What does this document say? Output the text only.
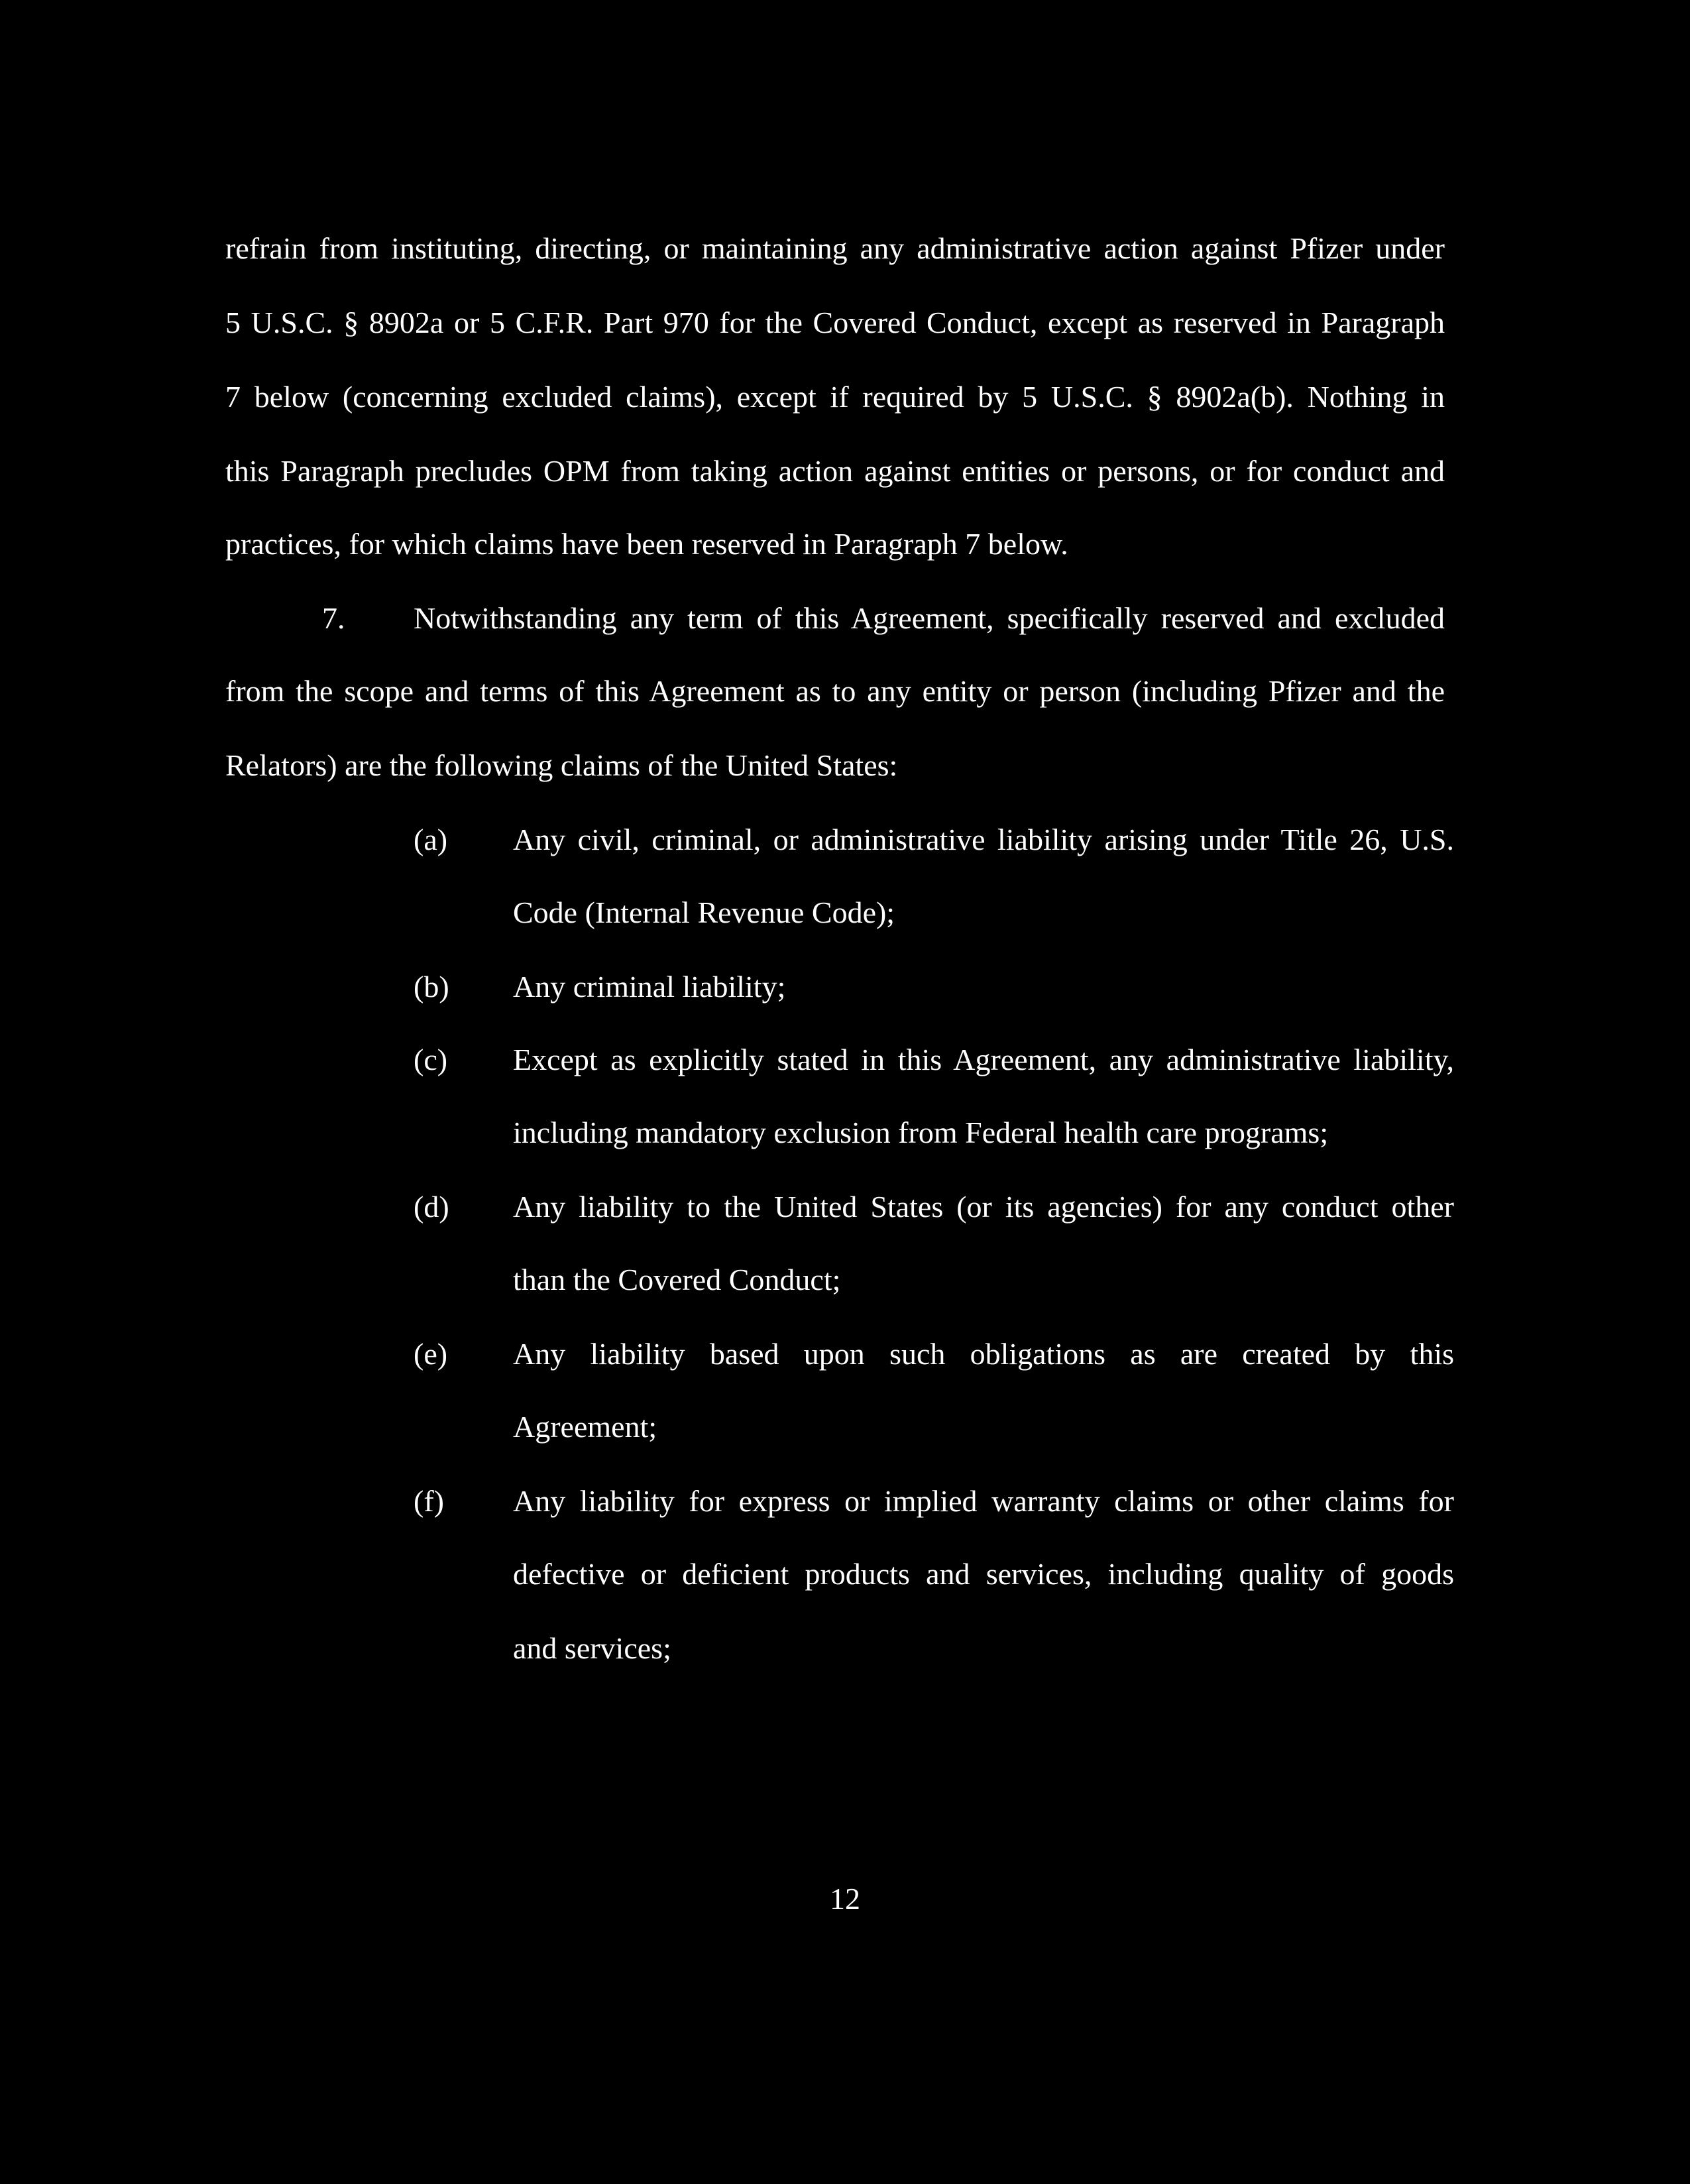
refrain from instituting, directing, or maintaining any administrative action against Pfizer under
5 U.S.C. § 8902a or 5 C.F.R. Part 970 for the Covered Conduct, except as reserved in Paragraph
7 below (concerning excluded claims), except if required by 5 U.S.C. § 8902a(b). Nothing in
this Paragraph precludes OPM from taking action against entities or persons, or for conduct and
practices, for which claims have been reserved in Paragraph 7 below.
7. Notwithstanding any term of this Agreement, specifically reserved and excluded
from the scope and terms of this Agreement as to any entity or person (including Pfizer and the
Relators) are the following claims of the United States:
(a) Any civil, criminal, or administrative liability arising under Title 26, U.S.
Code (Internal Revenue Code);
(b) Any criminal liability;
(c) Except as explicitly stated in this Agreement, any administrative liability,
including mandatory exclusion from Federal health care programs;
(d) Any liability to the United States (or its agencies) for any conduct other
than the Covered Conduct;
(e) Any liability based upon such obligations as are created by this
Agreement;
(f) Any liability for express or implied warranty claims or other claims for
defective or deficient products and services, including quality of goods
and services;
12
